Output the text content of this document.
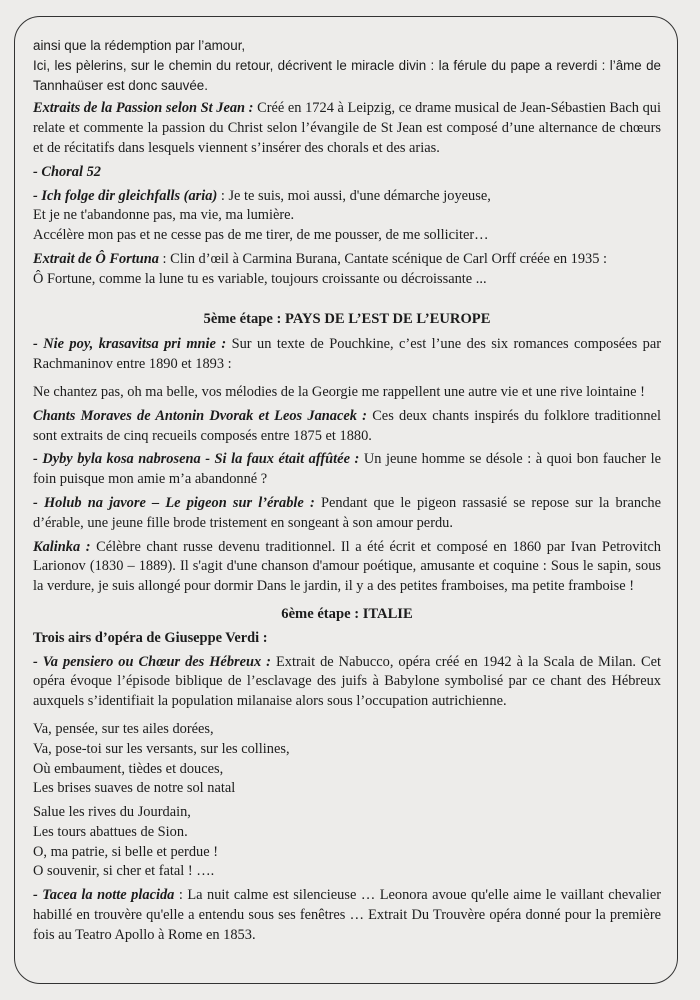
ainsi que la rédemption par l’amour,

Ici, les pèlerins, sur le chemin du retour, décrivent le miracle divin : la férule du pape a reverdi : l’âme de Tannhaüser est donc sauvée.

Extraits de la Passion selon St Jean : Créé en 1724 à Leipzig, ce drame musical de Jean-Sébastien Bach qui relate et commente la passion du Christ selon l’évangile de St Jean est composé d’une alternance de chœurs et de récitatifs dans lesquels viennent s’insérer des chorals et des arias.

- Choral 52

- Ich folge dir gleichfalls (aria) : Je te suis, moi aussi, d'une démarche joyeuse,

Et je ne t'abandonne pas, ma vie, ma lumière.

Accélère mon pas et ne cesse pas de me tirer, de me pousser, de me solliciter…

Extrait de Ô Fortuna : Clin d’œil à Carmina Burana, Cantate scénique de Carl Orff créée en 1935 :

Ô Fortune, comme la lune tu es variable, toujours croissante ou décroissante ...

5ème étape : PAYS DE L’EST DE L’EUROPE

- Nie poy, krasavitsa pri mnie : Sur un texte de Pouchkine, c’est l’une des six romances composées par Rachmaninov entre 1890 et 1893 :

Ne chantez pas, oh ma belle, vos mélodies de la Georgie me rappellent une autre vie et une rive lointaine !

Chants Moraves de Antonin Dvorak et Leos Janacek : Ces deux chants inspirés du folklore traditionnel sont extraits de cinq recueils composés entre 1875 et 1880.

- Dyby byla kosa nabrosena - Si la faux était affûtée : Un jeune homme se désole : à quoi bon faucher le foin puisque mon amie m’a abandonné ?

- Holub na javore – Le pigeon sur l’érable : Pendant que le pigeon rassasié se repose sur la branche d’érable, une jeune fille brode tristement en songeant à son amour perdu.

Kalinka : Célèbre chant russe devenu traditionnel. Il a été écrit et composé en 1860 par Ivan Petrovitch Larionov (1830 – 1889). Il s'agit d'une chanson d'amour poétique, amusante et coquine : Sous le sapin, sous la verdure, je suis allongé pour dormir Dans le jardin, il y a des petites framboises, ma petite framboise !

6ème étape : ITALIE

Trois airs d’opéra de Giuseppe Verdi :

- Va pensiero ou Chœur des Hébreux : Extrait de Nabucco, opéra créé en 1942 à la Scala de Milan. Cet opéra évoque l’épisode biblique de l’esclavage des juifs à Babylone symbolisé par ce chant des Hébreux auxquels s’identifiait la population milanaise alors sous l’occupation autrichienne.

Va, pensée, sur tes ailes dorées,

Va, pose-toi sur les versants, sur les collines,

Où embaument, tièdes et douces,

Les brises suaves de notre sol natal

Salue les rives du Jourdain,

Les tours abattues de Sion.

O, ma patrie, si belle et perdue !

O souvenir, si cher et fatal ! ….

- Tacea la notte placida : La nuit calme est silencieuse … Leonora avoue qu'elle aime le vaillant chevalier habillé en trouvère qu'elle a entendu sous ses fenêtres … Extrait Du Trouvère opéra donné pour la première fois au Teatro Apollo à Rome en 1853.
